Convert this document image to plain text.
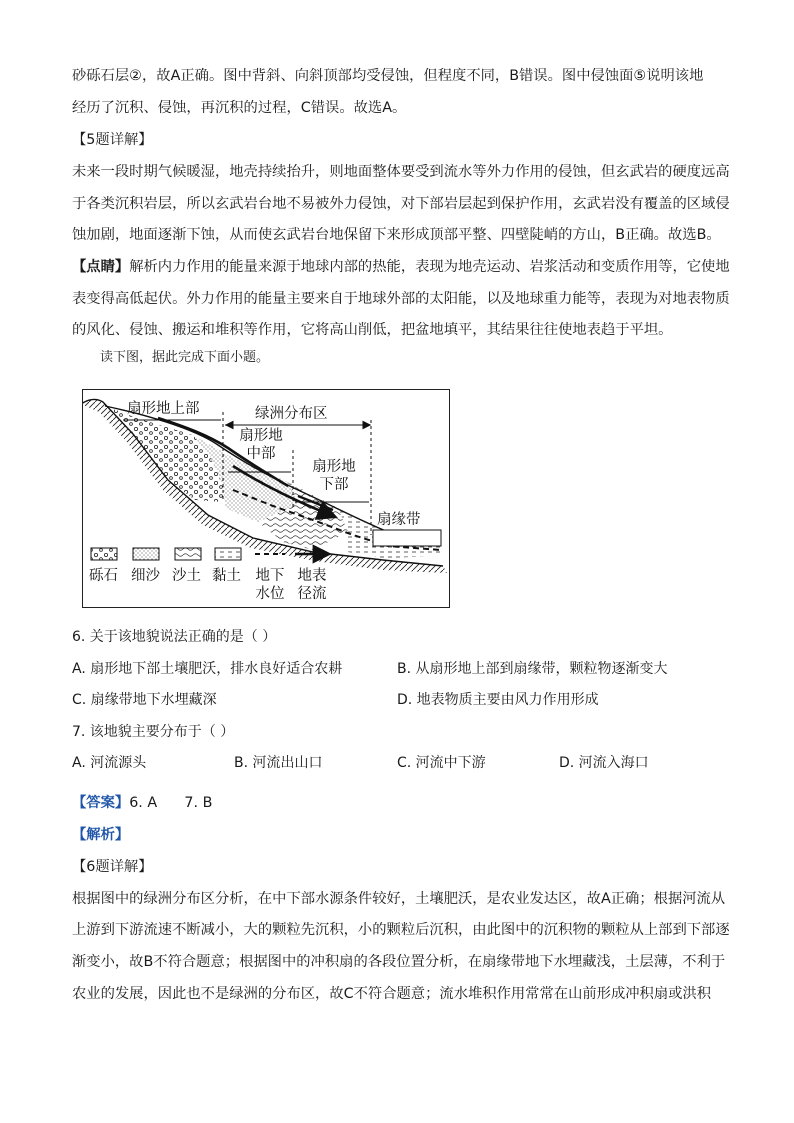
砂砾石层②，故A正确。图中背斜、向斜顶部均受侵蚀，但程度不同，B错误。图中侵蚀面⑤说明该地
经历了沉积、侵蚀，再沉积的过程，C错误。故选A。
【5题详解】
未来一段时期气候暖湿，地壳持续抬升，则地面整体要受到流水等外力作用的侵蚀，但玄武岩的硬度远高
于各类沉积岩层，所以玄武岩台地不易被外力侵蚀，对下部岩层起到保护作用，玄武岩没有覆盖的区域侵
蚀加剧，地面逐渐下蚀，从而使玄武岩台地保留下来形成顶部平整、四壁陡峭的方山，B正确。故选B。
【点睛】解析内力作用的能量来源于地球内部的热能，表现为地壳运动、岩浆活动和变质作用等，它使地
表变得高低起伏。外力作用的能量主要来自于地球外部的太阳能，以及地球重力能等，表现为对地表物质
的风化、侵蚀、搬运和堆积等作用，它将高山削低，把盆地填平，其结果往往使地表趋于平坦。
读下图，据此完成下面小题。
扇形地上部	绿洲分布区
扇形地
中部
扇形地
下部
扇缘带
砾石 细沙 沙土 黏土 地下
水位
地表
径流
6. 关于该地貌说法正确的是（ ）
A. 扇形地下部土壤肥沃，排水良好适合农耕	B. 从扇形地上部到扇缘带，颗粒物逐渐变大
C. 扇缘带地下水埋藏深	D. 地表物质主要由风力作用形成
7. 该地貌主要分布于（ ）
A. 河流源头	B. 河流出山口	C. 河流中下游	D. 河流入海口
【答案】6. A      7. B
【解析】
【6题详解】
根据图中的绿洲分布区分析，在中下部水源条件较好，土壤肥沃，是农业发达区，故A正确；根据河流从
上游到下游流速不断减小，大的颗粒先沉积，小的颗粒后沉积，由此图中的沉积物的颗粒从上部到下部逐
渐变小，故B不符合题意；根据图中的冲积扇的各段位置分析，在扇缘带地下水埋藏浅，土层薄，不利于
农业的发展，因此也不是绿洲的分布区，故C不符合题意；流水堆积作用常常在山前形成冲积扇或洪积
